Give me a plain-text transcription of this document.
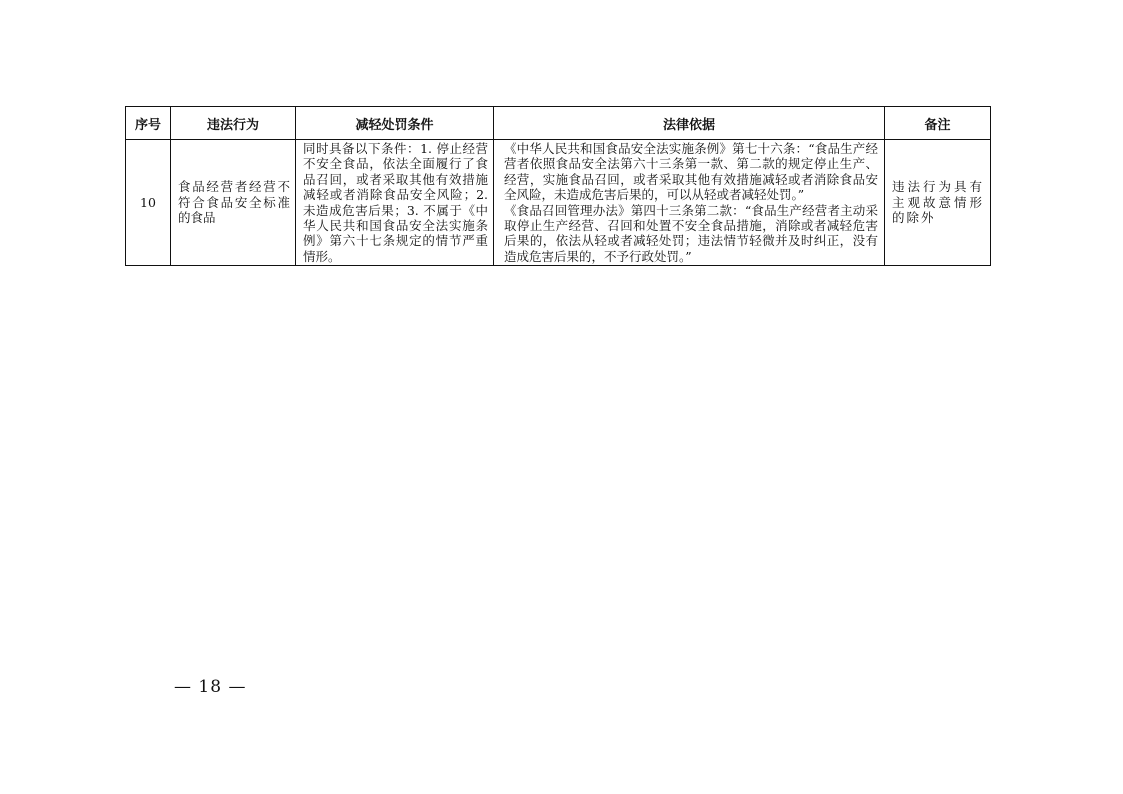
序号	违法行为	减轻处罚条件	法律依据	备注
10	食品经营者经营不符合食品安全标准的食品	同时具备以下条件：1. 停止经营不安全食品，依法全面履行了食品召回，或者采取其他有效措施减轻或者消除食品安全风险；2. 未造成危害后果；3. 不属于《中华人民共和国食品安全法实施条例》第六十七条规定的情节严重情形。	《中华人民共和国食品安全法实施条例》第七十六条：“食品生产经营者依照食品安全法第六十三条第一款、第二款的规定停止生产、经营，实施食品召回，或者采取其他有效措施减轻或者消除食品安全风险，未造成危害后果的，可以从轻或者减轻处罚。”
《食品召回管理办法》第四十三条第二款：“食品生产经营者主动采取停止生产经营、召回和处置不安全食品措施，消除或者减轻危害后果的，依法从轻或者减轻处罚；违法情节轻微并及时纠正，没有造成危害后果的，不予行政处罚。”	违法行为具有主观故意情形的除外
— 18 —
